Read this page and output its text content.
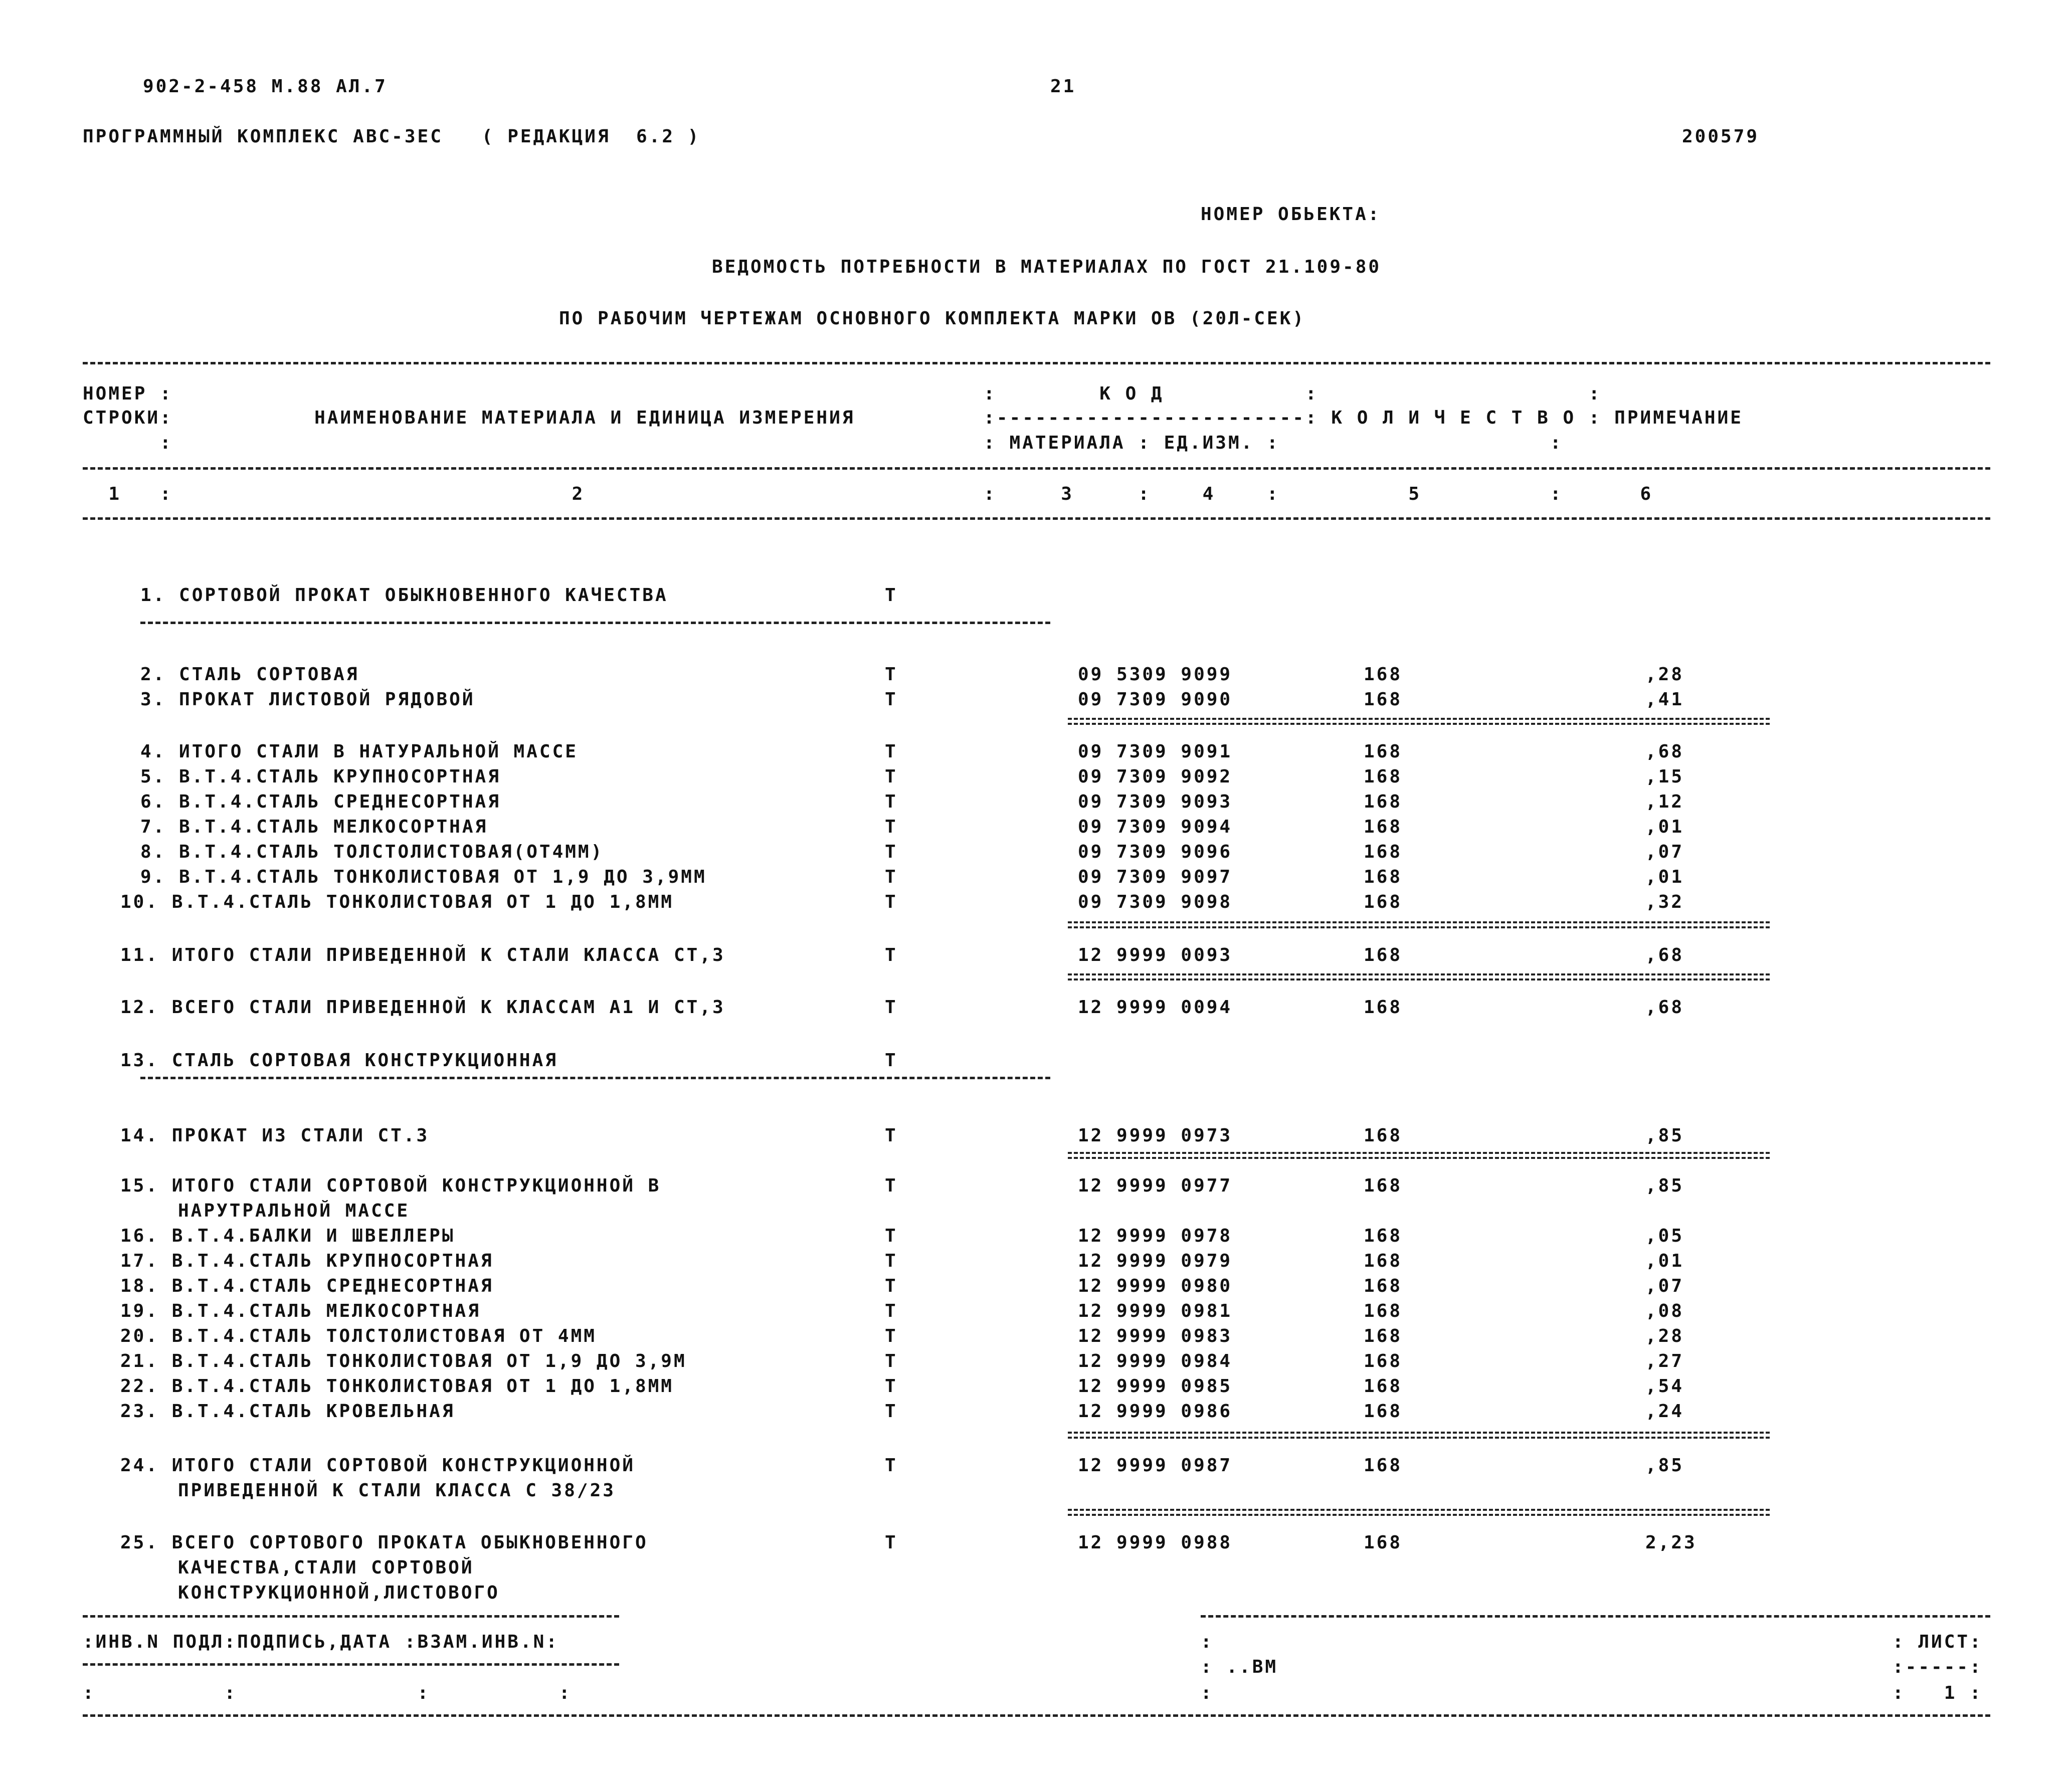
902-2-458 М.88 АЛ.7	21
ПРОГРАММНЫЙ КОМПЛЕКС АВС-3ЕС   ( РЕДАКЦИЯ  6.2 )	200579
НОМЕР ОБЬЕКТА:
ВЕДОМОСТЬ ПОТРЕБНОСТИ В МАТЕРИАЛАХ ПО ГОСТ 21.109-80
ПО РАБОЧИМ ЧЕРТЕЖАМ ОСНОВНОГО КОМПЛЕКТА МАРКИ ОВ (20Л-СЕК)
НОМЕР :                                                               :        К О Д           :                     :
СТРОКИ:           НАИМЕНОВАНИЕ МАТЕРИАЛА И ЕДИНИЦА ИЗМЕРЕНИЯ          :------------------------: К О Л И Ч Е С Т В О : ПРИМЕЧАНИЕ
:                                                               : МАТЕРИАЛА : ЕД.ИЗМ. :                     :
1   :                               2                               :     3     :    4    :          5          :      6
1. СОРТОВОЙ ПРОКАТ ОБЫКНОВЕННОГО КАЧЕСТВА	Т
2. СТАЛЬ СОРТОВАЯ	Т	09 5309 9099	168	,28
3. ПРОКАТ ЛИСТОВОЙ РЯДОВОЙ	Т	09 7309 9090	168	,41
4. ИТОГО СТАЛИ В НАТУРАЛЬНОЙ МАССЕ	Т	09 7309 9091	168	,68
5. В.Т.4.СТАЛЬ КРУПНОСОРТНАЯ	Т	09 7309 9092	168	,15
6. В.Т.4.СТАЛЬ СРЕДНЕСОРТНАЯ	Т	09 7309 9093	168	,12
7. В.Т.4.СТАЛЬ МЕЛКОСОРТНАЯ	Т	09 7309 9094	168	,01
8. В.Т.4.СТАЛЬ ТОЛСТОЛИСТОВАЯ(ОТ4ММ)	Т	09 7309 9096	168	,07
9. В.Т.4.СТАЛЬ ТОНКОЛИСТОВАЯ ОТ 1,9 ДО 3,9ММ	Т	09 7309 9097	168	,01
10. В.Т.4.СТАЛЬ ТОНКОЛИСТОВАЯ ОТ 1 ДО 1,8ММ	Т	09 7309 9098	168	,32
11. ИТОГО СТАЛИ ПРИВЕДЕННОЙ К СТАЛИ КЛАССА СТ,3	Т	12 9999 0093	168	,68
12. ВСЕГО СТАЛИ ПРИВЕДЕННОЙ К КЛАССАМ А1 И СТ,3	Т	12 9999 0094	168	,68
13. СТАЛЬ СОРТОВАЯ КОНСТРУКЦИОННАЯ	Т
14. ПРОКАТ ИЗ СТАЛИ СТ.3	Т	12 9999 0973	168	,85
15. ИТОГО СТАЛИ СОРТОВОЙ КОНСТРУКЦИОННОЙ В	Т	12 9999 0977	168	,85
НАРУТРАЛЬНОЙ МАССЕ
16. В.Т.4.БАЛКИ И ШВЕЛЛЕРЫ	Т	12 9999 0978	168	,05
17. В.Т.4.СТАЛЬ КРУПНОСОРТНАЯ	Т	12 9999 0979	168	,01
18. В.Т.4.СТАЛЬ СРЕДНЕСОРТНАЯ	Т	12 9999 0980	168	,07
19. В.Т.4.СТАЛЬ МЕЛКОСОРТНАЯ	Т	12 9999 0981	168	,08
20. В.Т.4.СТАЛЬ ТОЛСТОЛИСТОВАЯ ОТ 4ММ	Т	12 9999 0983	168	,28
21. В.Т.4.СТАЛЬ ТОНКОЛИСТОВАЯ ОТ 1,9 ДО 3,9М	Т	12 9999 0984	168	,27
22. В.Т.4.СТАЛЬ ТОНКОЛИСТОВАЯ ОТ 1 ДО 1,8ММ	Т	12 9999 0985	168	,54
23. В.Т.4.СТАЛЬ КРОВЕЛЬНАЯ	Т	12 9999 0986	168	,24
24. ИТОГО СТАЛИ СОРТОВОЙ КОНСТРУКЦИОННОЙ	Т	12 9999 0987	168	,85
ПРИВЕДЕННОЙ К СТАЛИ КЛАССА С 38/23
25. ВСЕГО СОРТОВОГО ПРОКАТА ОБЫКНОВЕННОГО	Т	12 9999 0988	168	2,23
КАЧЕСТВА,СТАЛИ СОРТОВОЙ
КОНСТРУКЦИОННОЙ,ЛИСТОВОГО
:ИНВ.N ПОДЛ:ПОДПИСЬ,ДАТА :ВЗАМ.ИНВ.N:	:	: ЛИСТ:
: ..ВМ	:-----:
:          :              :          :	:	:   1 :
